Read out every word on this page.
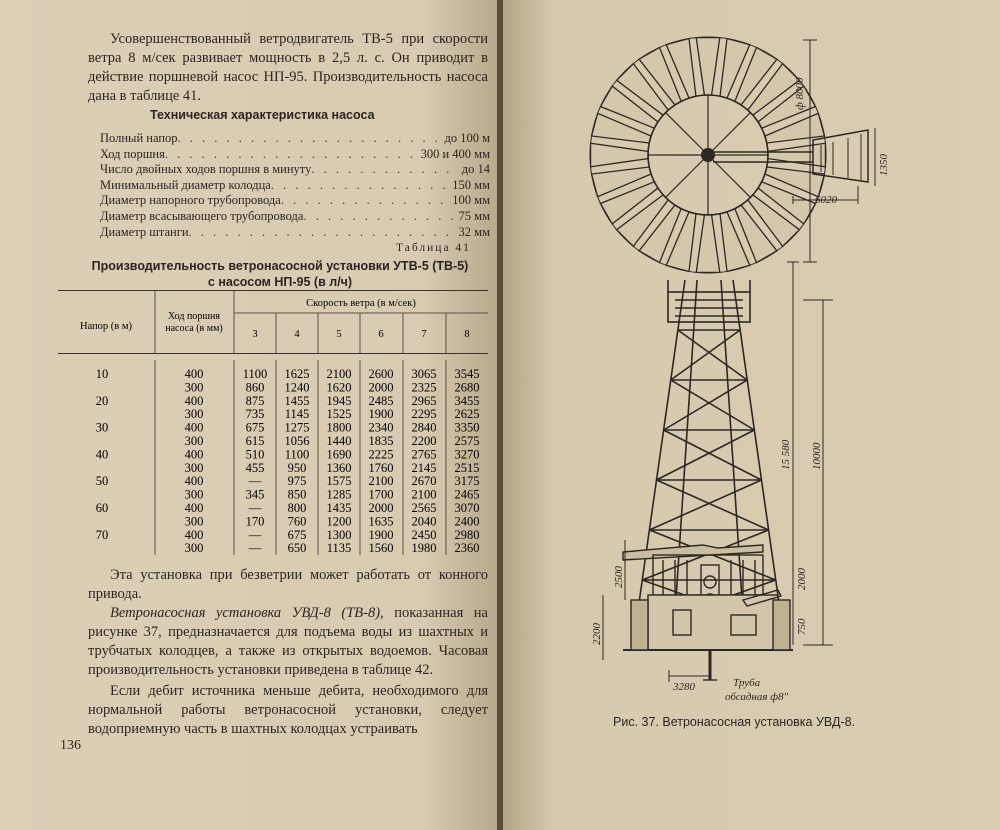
Усовершенствованный ветродвигатель ТВ-5 при скорости ветра 8 м/сек развивает мощность в 2,5 л. с. Он приводит в действие поршневой насос НП-95. Производительность насоса дана в таблице 41.

Техническая характеристика насоса
Полный напор . . .	до 100 м
Ход поршня . . .	300 и 400 мм
Число двойных ходов поршня в минуту . . .	до 14
Минимальный диаметр колодца . . .	150 мм
Диаметр напорного трубопровода . . .	100 мм
Диаметр всасывающего трубопровода . . .	75 мм
Диаметр штанги . . .	32 мм
Таблица 41
Производительность ветронасосной установки УТВ-5 (ТВ-5)
с насосом НП-95 (в л/ч)
Напор (в м)
Ход поршня
насоса (в мм)
Скорость ветра (в м/сек)
3	4	5	6	7	8
10	400	1100 1625 2100 2600 3065 3545
300	860 1240 1620 2000 2325 2680
20	400	875 1455 1945 2485 2965 3455
300	735 1145 1525 1900 2295 2625
30	400	675 1275 1800 2340 2840 3350
300	615 1056 1440 1835 2200 2575
40	400	510 1100 1690 2225 2765 3270
300	455 950 1360 1760 2145 2515
50	400	— 975 1575 2100 2670 3175
300	345 850 1285 1700 2100 2465
60	400	— 800 1435 2000 2565 3070
300	170 760 1200 1635 2040 2400
70	400	— 675 1300 1900 2450 2980
300	— 650 1135 1560 1980 2360

Эта установка при безветрии может работать от конного привода.

Ветронасосная установка УВД-8 (ТВ-8), показанная на рисунке 37, предназначается для подъема воды из шахтных и трубчатых колодцев, а также из открытых водоемов. Часовая производительность установки приведена в таблице 42.

Если дебит источника меньше дебита, необходимого для нормальной работы ветронасосной установки, следует водоприемную часть в шахтных колодцах устраивать

136
ф 8000
1350
6020
15 580 10000
2500	2000
2200	750
3280	Труба
обсадная ф8"
Рис. 37. Ветронасосная установка УВД-8.
